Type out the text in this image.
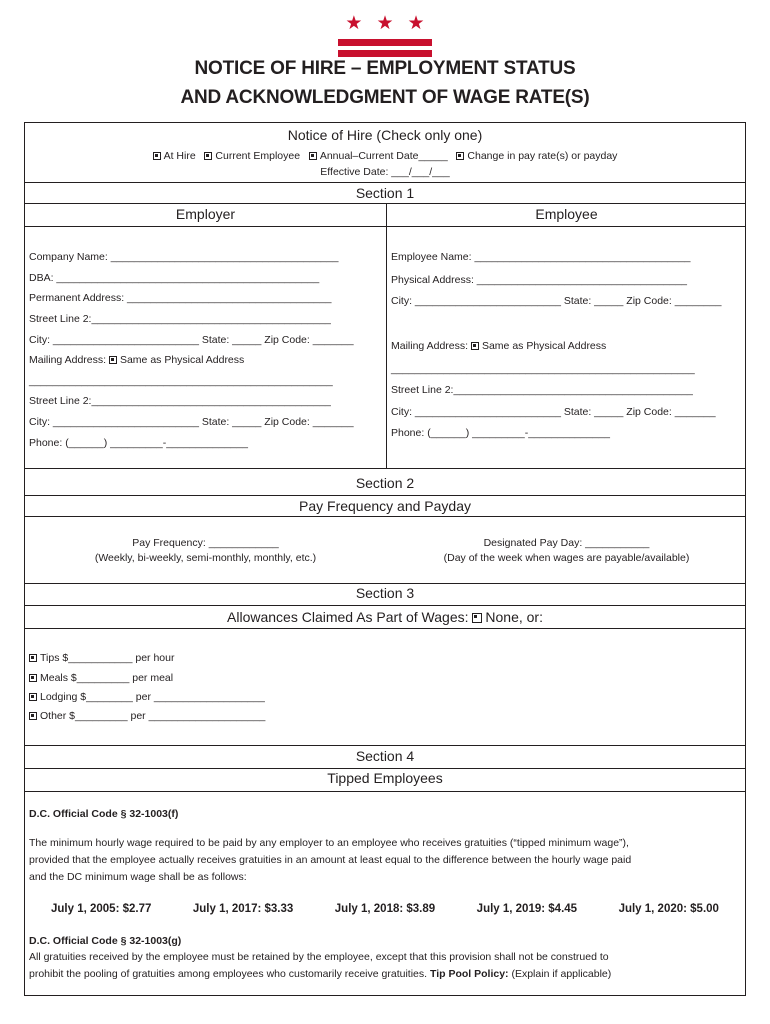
★ ★ ★
NOTICE OF HIRE – EMPLOYMENT STATUS
AND ACKNOWLEDGMENT OF WAGE RATE(S)
Notice of Hire (Check only one)
At Hire Current Employee Annual–Current Date_____ Change in pay rate(s) or payday
Effective Date: ___/___/___
Section 1
Employer	Employee
Company Name: _______________________________________
DBA: _____________________________________________
Permanent Address: ___________________________________
Street Line 2:_________________________________________
City: _________________________ State: _____ Zip Code: _______
Mailing Address: Same as Physical Address
____________________________________________________
Street Line 2:_________________________________________
City: _________________________ State: _____ Zip Code: _______
Phone: (______) _________-______________
Employee Name: _____________________________________
Physical Address: ____________________________________
City: _________________________ State: _____ Zip Code: ________
Mailing Address: Same as Physical Address
____________________________________________________
Street Line 2:_________________________________________
City: _________________________ State: _____ Zip Code: _______
Phone: (______) _________-______________
Section 2
Pay Frequency and Payday
Pay Frequency: ____________
(Weekly, bi-weekly, semi-monthly, monthly, etc.)
Designated Pay Day: ___________
(Day of the week when wages are payable/available)
Section 3
Allowances Claimed As Part of Wages: None, or:
Tips $___________ per hour
Meals $_________ per meal
Lodging $________ per ___________________
Other $_________ per ____________________
Section 4
Tipped Employees
D.C. Official Code § 32-1003(f)
The minimum hourly wage required to be paid by any employer to an employee who receives gratuities (“tipped minimum wage”),
provided that the employee actually receives gratuities in an amount at least equal to the difference between the hourly wage paid
and the DC minimum wage shall be as follows:
July 1, 2005: $2.77	July 1, 2017: $3.33	July 1, 2018: $3.89	July 1, 2019: $4.45	July 1, 2020: $5.00
D.C. Official Code § 32-1003(g)
All gratuities received by the employee must be retained by the employee, except that this provision shall not be construed to
prohibit the pooling of gratuities among employees who customarily receive gratuities. Tip Pool Policy: (Explain if applicable)
